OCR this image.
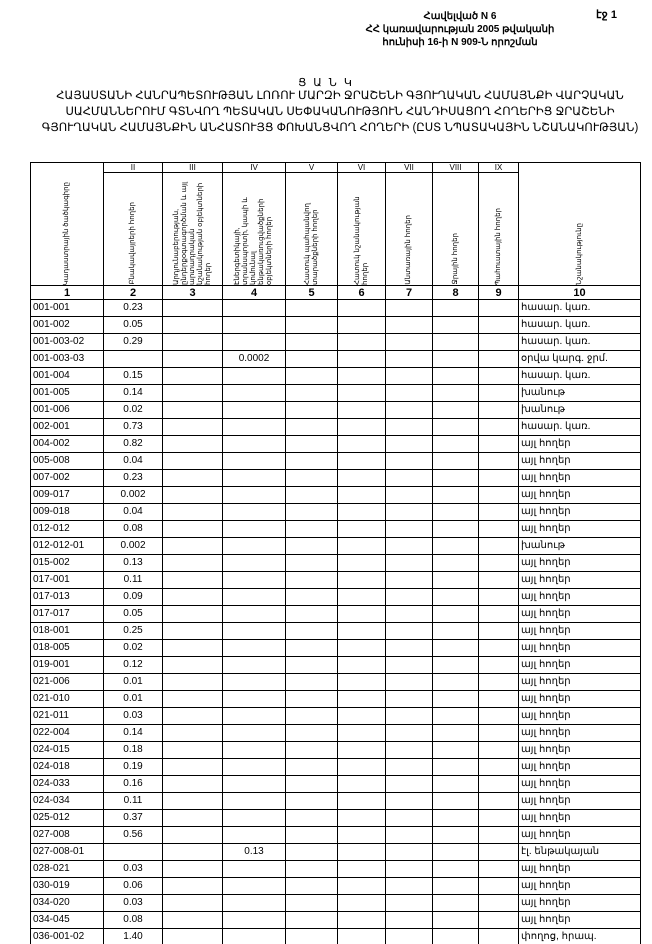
Հավելված N 6
ՀՀ կառավարության 2005 թվականի
հունիսի 16-ի N 909-Ն որոշման
էջ 1
Ց Ա Ն Կ
ՀԱՅԱՍՏԱՆԻ ՀԱՆՐԱՊԵՏՈՒԹՅԱՆ ԼՈՌՈՒ ՄԱՐԶԻ ՋՐԱՇԵՆԻ ԳՅՈՒՂԱԿԱՆ ՀԱՄԱՅՆՔԻ ՎԱՐՉԱԿԱՆ ՍԱՀՄԱՆՆԵՐՈՒՄ ԳՏՆՎՈՂ ՊԵՏԱԿԱՆ ՍԵՓԱԿԱՆՈՒԹՅՈՒՆ ՀԱՆԴԻՍԱՑՈՂ ՀՈՂԵՐԻՑ ՋՐԱՇԵՆԻ ԳՅՈՒՂԱԿԱՆ ՀԱՄԱՅՆՔԻՆ ԱՆՀԱՏՈՒՅՑ ՓՈԽԱՆՑՎՈՂ ՀՈՂԵՐԻ (ԸՍՏ ՆՊԱՏԱԿԱՅԻՆ ՆՇԱՆԱԿՈՒԹՅԱՆ)
Կադաստրային ծածկագիրը	II	III	IV	V	VI	VII	VIII	IX	Նշանակությունը

	Բնակավայրերի հողեր	Արդյունաբերության, ընդերքօգտագործման և այլ արտադրական նշանակության օբյեկտների հողեր	Էներգետիկայի, տրանսպորտի, կապի և կոմունալ ենթակառուցվածքների օբյեկտների հողեր	Հատուկ պահպանվող տարածքների հողեր	Հատուկ նշանակության հողեր	Անտառային հողեր	Ջրային հողեր	Պահուստային հողեր	

1	2	3	4	5	6	7	8	9	10
001-001	0.23								հասար. կառ.
001-002	0.05								հասար. կառ.
001-003-02	0.29								հասար. կառ.
001-003-03			0.0002						օրվա կարգ. ջրմ.
001-004	0.15								հասար. կառ.
001-005	0.14								խանութ
001-006	0.02								խանութ
002-001	0.73								հասար. կառ.
004-002	0.82								այլ հողեր
005-008	0.04								այլ հողեր
007-002	0.23								այլ հողեր
009-017	0.002								այլ հողեր
009-018	0.04								այլ հողեր
012-012	0.08								այլ հողեր
012-012-01	0.002								խանութ
015-002	0.13								այլ հողեր
017-001	0.11								այլ հողեր
017-013	0.09								այլ հողեր
017-017	0.05								այլ հողեր
018-001	0.25								այլ հողեր
018-005	0.02								այլ հողեր
019-001	0.12								այլ հողեր
021-006	0.01								այլ հողեր
021-010	0.01								այլ հողեր
021-011	0.03								այլ հողեր
022-004	0.14								այլ հողեր
024-015	0.18								այլ հողեր
024-018	0.19								այլ հողեր
024-033	0.16								այլ հողեր
024-034	0.11								այլ հողեր
025-012	0.37								այլ հողեր
027-008	0.56								այլ հողեր
027-008-01			0.13						էլ. ենթակայան
028-021	0.03								այլ հողեր
030-019	0.06								այլ հողեր
034-020	0.03								այլ հողեր
034-045	0.08								այլ հողեր
036-001-02	1.40								փողոց, հրապ.
